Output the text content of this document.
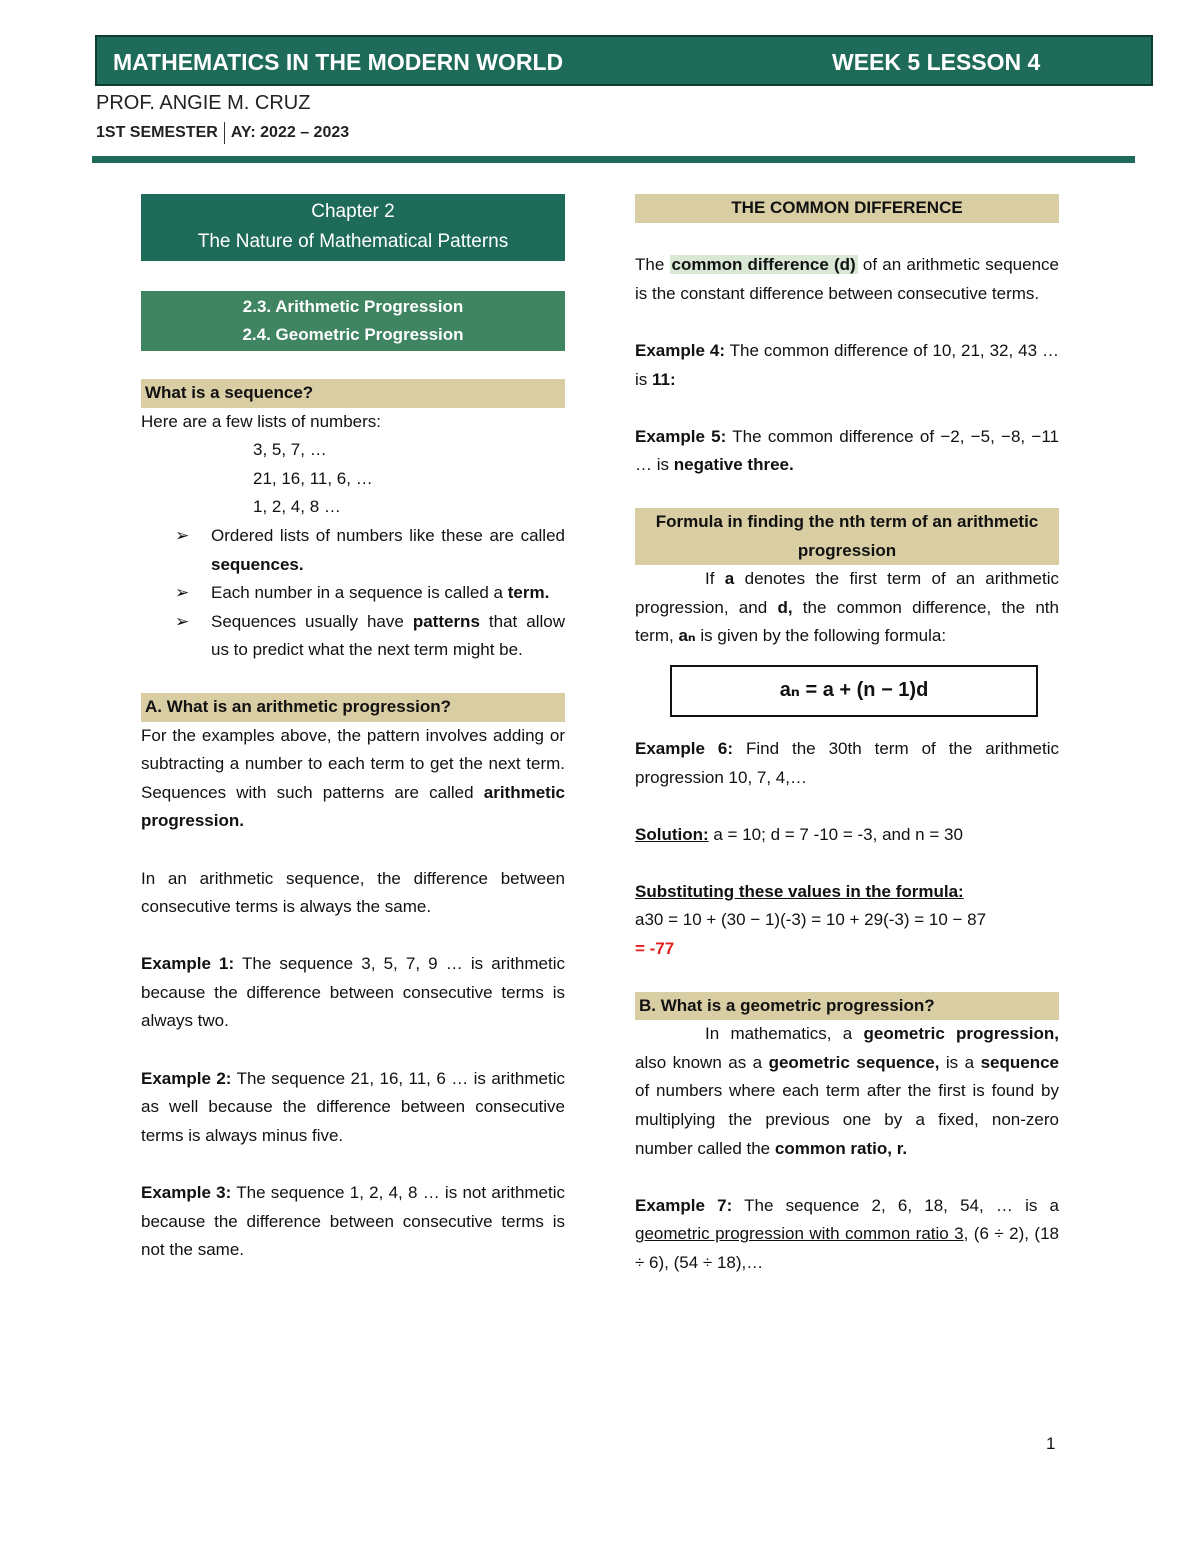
MATHEMATICS IN THE MODERN WORLD	WEEK 5 LESSON 4
PROF. ANGIE M. CRUZ
1ST SEMESTER AY: 2022 – 2023
Chapter 2
The Nature of Mathematical Patterns
2.3. Arithmetic Progression
2.4. Geometric Progression
What is a sequence?
Here are a few lists of numbers:
3, 5, 7, …
21, 16, 11, 6, …
1, 2, 4, 8 …
➢ Ordered lists of numbers like these are called sequences.
➢ Each number in a sequence is called a term.
➢ Sequences usually have patterns that allow us to predict what the next term might be.
A. What is an arithmetic progression?
For the examples above, the pattern involves adding or subtracting a number to each term to get the next term. Sequences with such patterns are called arithmetic progression.
In an arithmetic sequence, the difference between consecutive terms is always the same.
Example 1: The sequence 3, 5, 7, 9 … is arithmetic because the difference between consecutive terms is always two.
Example 2: The sequence 21, 16, 11, 6 … is arithmetic as well because the difference between consecutive terms is always minus five.
Example 3: The sequence 1, 2, 4, 8 … is not arithmetic because the difference between consecutive terms is not the same.
THE COMMON DIFFERENCE
The common difference (d) of an arithmetic sequence is the constant difference between consecutive terms.
Example 4: The common difference of 10, 21, 32, 43 … is 11:
Example 5: The common difference of −2, −5, −8, −11 … is negative three.
Formula in finding the nth term of an arithmetic progression
If a denotes the first term of an arithmetic progression, and d, the common difference, the nth term, aₙ is given by the following formula:
aₙ = a + (n − 1)d
Example 6: Find the 30th term of the arithmetic progression 10, 7, 4,…
Solution: a = 10; d = 7 -10 = -3, and n = 30
Substituting these values in the formula:
a30 = 10 + (30 − 1)(-3) = 10 + 29(-3) = 10 − 87
= -77
B. What is a geometric progression?
In mathematics, a geometric progression, also known as a geometric sequence, is a sequence of numbers where each term after the first is found by multiplying the previous one by a fixed, non-zero number called the common ratio, r.
Example 7: The sequence 2, 6, 18, 54, … is a geometric progression with common ratio 3, (6 ÷ 2), (18 ÷ 6), (54 ÷ 18),…
1
